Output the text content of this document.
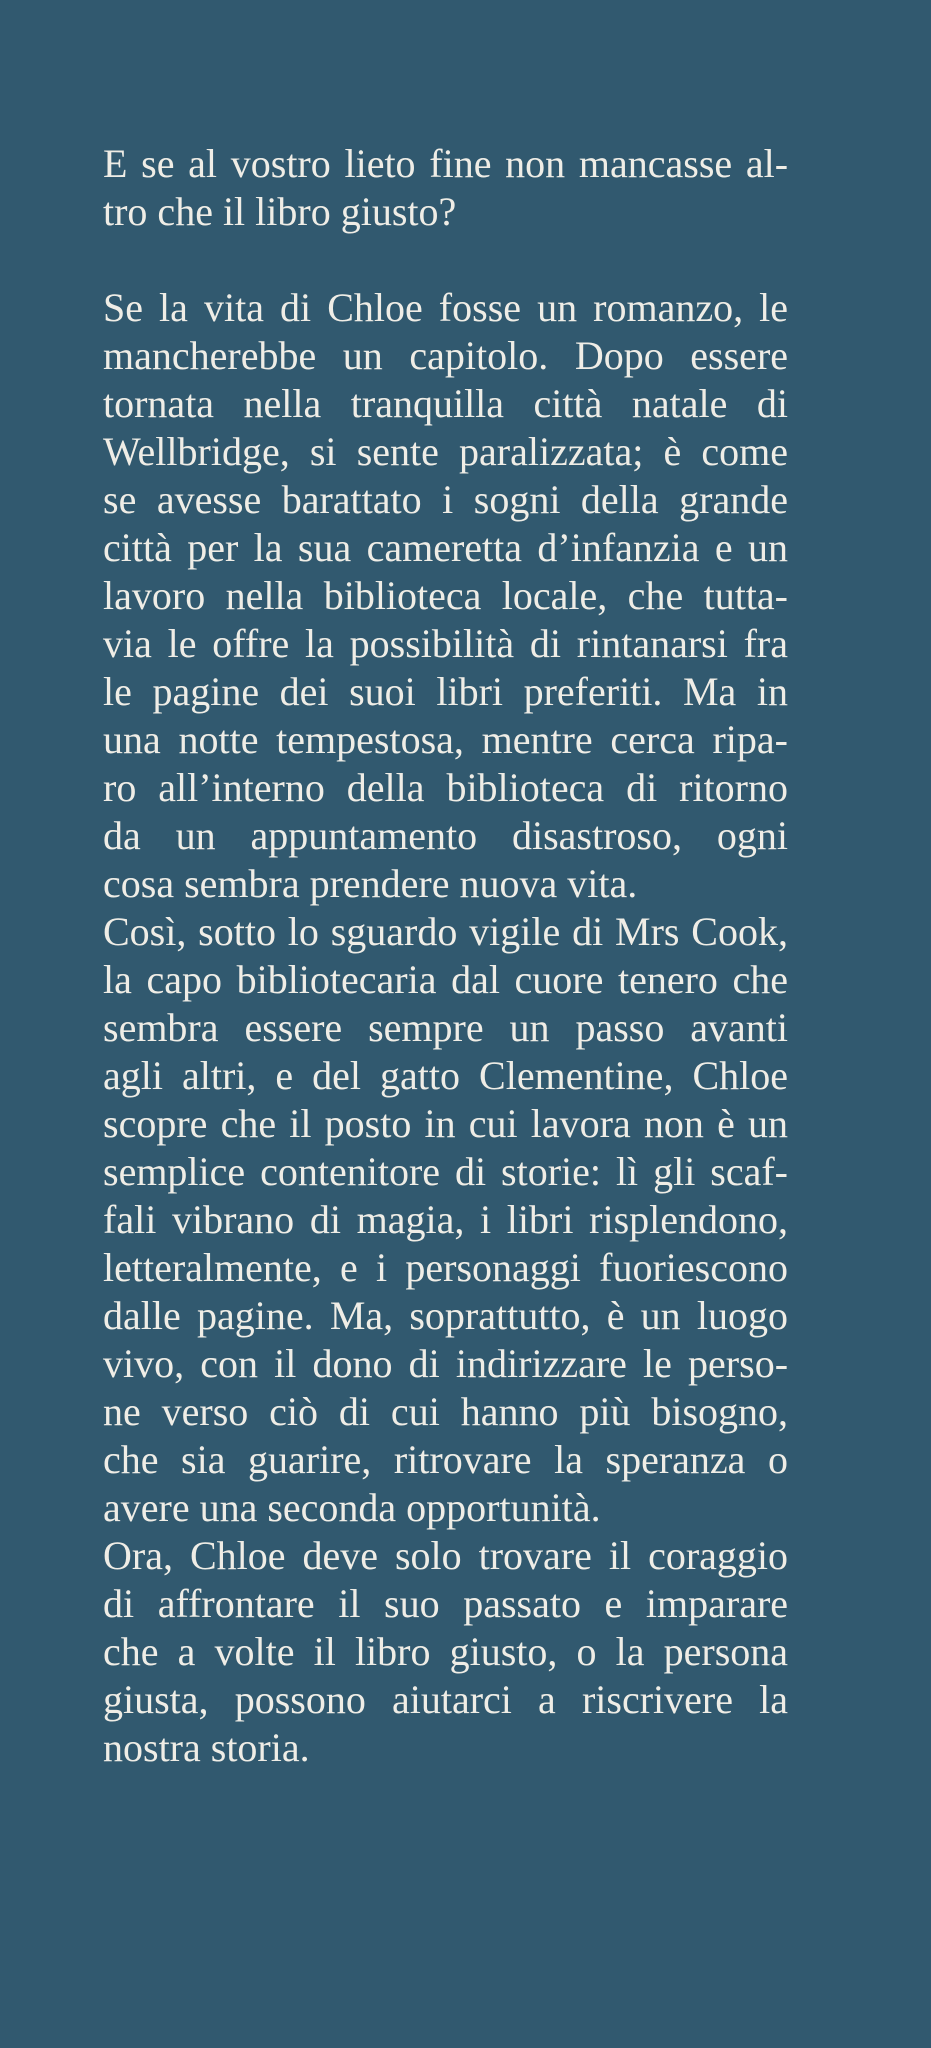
E se al vostro lieto fine non mancasse al-
tro che il libro giusto?
Se la vita di Chloe fosse un romanzo, le
mancherebbe un capitolo. Dopo essere
tornata nella tranquilla città natale di
Wellbridge, si sente paralizzata; è come
se avesse barattato i sogni della grande
città per la sua cameretta d’infanzia e un
lavoro nella biblioteca locale, che tutta-
via le offre la possibilità di rintanarsi fra
le pagine dei suoi libri preferiti. Ma in
una notte tempestosa, mentre cerca ripa-
ro all’interno della biblioteca di ritorno
da un appuntamento disastroso, ogni
cosa sembra prendere nuova vita.
Così, sotto lo sguardo vigile di Mrs Cook,
la capo bibliotecaria dal cuore tenero che
sembra essere sempre un passo avanti
agli altri, e del gatto Clementine, Chloe
scopre che il posto in cui lavora non è un
semplice contenitore di storie: lì gli scaf-
fali vibrano di magia, i libri risplendono,
letteralmente, e i personaggi fuoriescono
dalle pagine. Ma, soprattutto, è un luogo
vivo, con il dono di indirizzare le perso-
ne verso ciò di cui hanno più bisogno,
che sia guarire, ritrovare la speranza o
avere una seconda opportunità.
Ora, Chloe deve solo trovare il coraggio
di affrontare il suo passato e imparare
che a volte il libro giusto, o la persona
giusta, possono aiutarci a riscrivere la
nostra storia.
